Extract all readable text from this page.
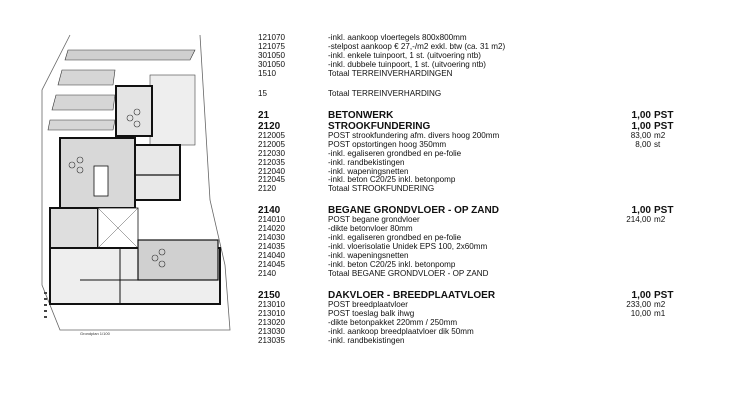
Grondplan 1/100
121070	-inkl. aankoop vloertegels 800x800mm
121075	-stelpost aankoop € 27,-/m2 exkl. btw (ca. 31 m2)
301050	-inkl. enkele tuinpoort, 1 st. (uitvoering ntb)
301050	-inkl. dubbele tuinpoort, 1 st. (uitvoering ntb)
1510	Totaal TERREINVERHARDINGEN
15	Totaal TERREINVERHARDING
21	BETONWERK	1,00 PST
2120	STROOKFUNDERING	1,00 PST
212005	POST strookfundering afm. divers hoog 200mm	83,00 m2
212005	POST opstortingen hoog 350mm	8,00 st
212030	-inkl. egaliseren grondbed en pe-folie
212035	-inkl. randbekistingen
212040	-inkl. wapeningsnetten
212045	-inkl. beton C20/25 inkl. betonpomp
2120	Totaal STROOKFUNDERING
2140	BEGANE GRONDVLOER - OP ZAND	1,00 PST
214010	POST begane grondvloer	214,00 m2
214020	-dikte betonvloer 80mm
214030	-inkl. egaliseren grondbed en pe-folie
214035	-inkl. vloerisolatie Unidek EPS 100, 2x60mm
214040	-inkl. wapeningsnetten
214045	-inkl. beton C20/25 inkl. betonpomp
2140	Totaal BEGANE GRONDVLOER - OP ZAND
2150	DAKVLOER - BREEDPLAATVLOER	1,00 PST
213010	POST breedplaatvloer	233,00 m2
213010	POST toeslag balk ihwg	10,00 m1
213020	-dikte betonpakket 220mm / 250mm
213030	-inkl. aankoop breedplaatvloer dik 50mm
213035	-inkl. randbekistingen
